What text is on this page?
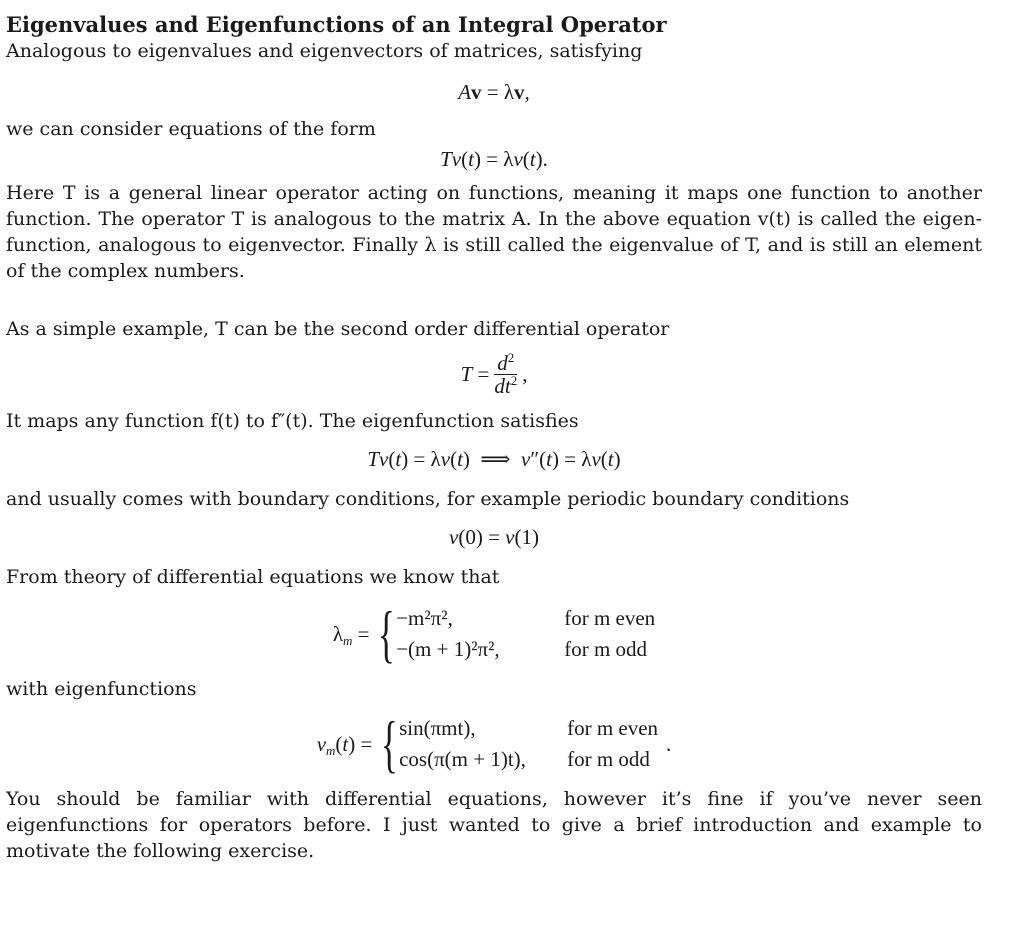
Eigenvalues and Eigenfunctions of an Integral Operator

Analogous to eigenvalues and eigenvectors of matrices, satisfying

Av = λv,

we can consider equations of the form

Tv(t) = λv(t).

Here T is a general linear operator acting on functions, meaning it maps one function to another function. The operator T is analogous to the matrix A. In the above equation v(t) is called the eigen- function, analogous to eigenvector. Finally λ is still called the eigenvalue of T, and is still an element of the complex numbers.

As a simple example, T can be the second order differential operator

$T = \frac{d^2}{dt^2}$ ,

It maps any function f(t) to f″(t). The eigenfunction satisfies

Tv(t) = λv(t)  ⟹  v″(t) = λv(t)

and usually comes with boundary conditions, for example periodic boundary conditions

v(0) = v(1)

From theory of differential equations we know that

$\lambda_m$ = { −m²π²,	for m even
−(m + 1)²π²,	for m odd

with eigenfunctions

$v_m(t)$ = { sin(πmt),	for m even
cos(π(m + 1)t),	for m odd
.

You should be familiar with differential equations, however it’s fine if you’ve never seen eigenfunctions for operators before. I just wanted to give a brief introduction and example to motivate the following exercise.
